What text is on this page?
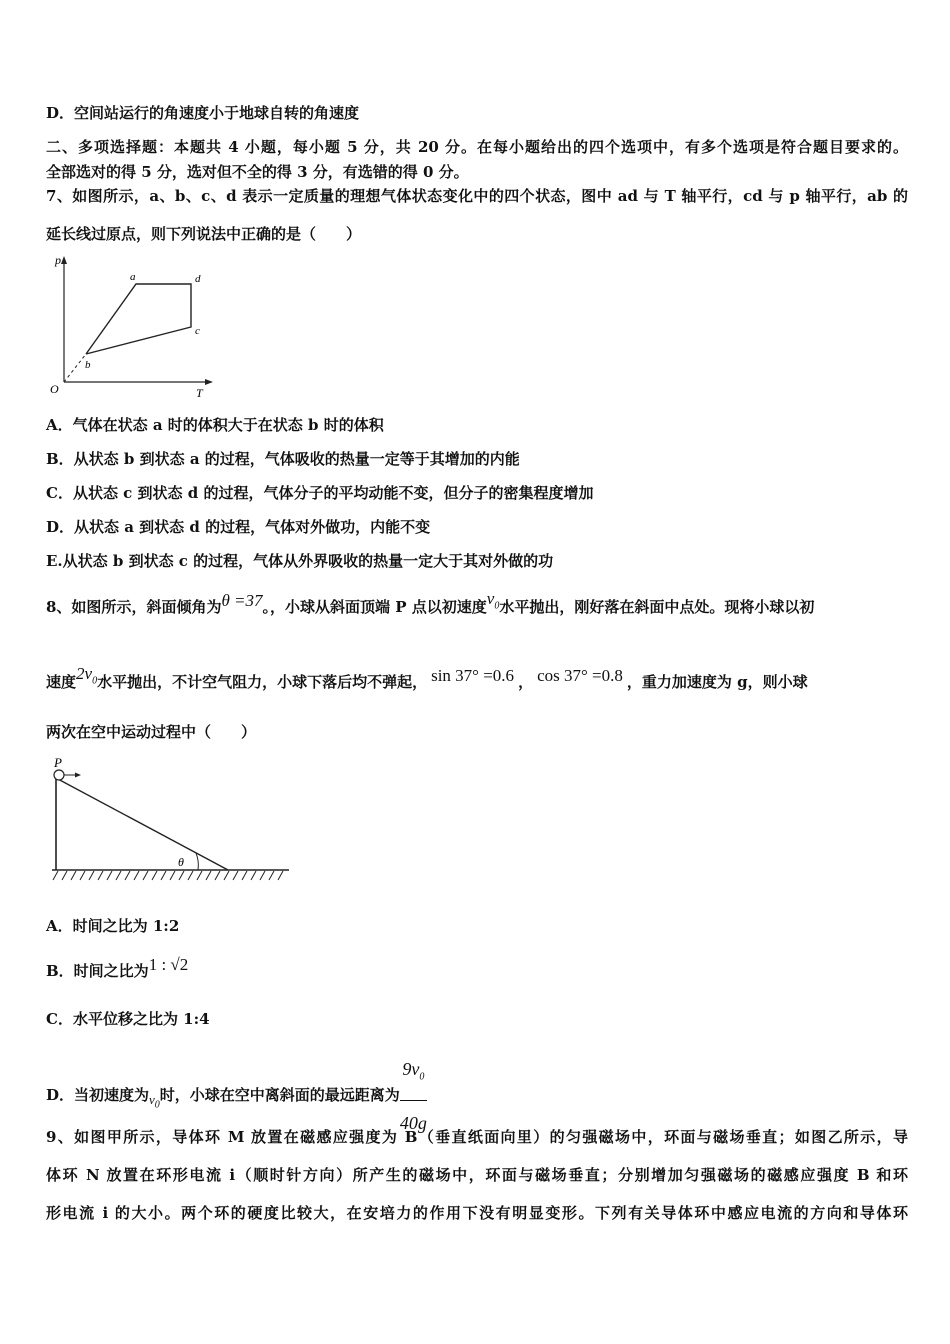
D．空间站运行的角速度小于地球自转的角速度
二、多项选择题：本题共 4 小题，每小题 5 分，共 20 分。在每小题给出的四个选项中，有多个选项是符合题目要求的。
全部选对的得 5 分，选对但不全的得 3 分，有选错的得 0 分。
7、如图所示，a、b、c、d 表示一定质量的理想气体状态变化中的四个状态，图中 ad 与 T 轴平行，cd 与 p 轴平行，ab 的
延长线过原点，则下列说法中正确的是（　　）
p
T
O
a
b
c
d
A．气体在状态 a 时的体积大于在状态 b 时的体积
B．从状态 b 到状态 a 的过程，气体吸收的热量一定等于其增加的内能
C．从状态 c 到状态 d 的过程，气体分子的平均动能不变，但分子的密集程度增加
D．从状态 a 到状态 d 的过程，气体对外做功，内能不变
E.从状态 b 到状态 c 的过程，气体从外界吸收的热量一定大于其对外做的功
8、如图所示，斜面倾角为θ =37。，小球从斜面顶端 P 点以初速度$v_0$水平抛出，刚好落在斜面中点处。现将小球以初
速度$2v_0$水平抛出，不计空气阻力，小球下落后均不弹起， sin 37° =0.6 ， cos 37° =0.8 ，重力加速度为 g，则小球
两次在空中运动过程中（　　）
P
θ
A．时间之比为 1:2
B．时间之比为1 : √2
C．水平位移之比为 1:4
D．当初速度为$v_0$时，小球在空中离斜面的最远距离为 $\frac{9v_0}{40g}$
9、如图甲所示，导体环 M 放置在磁感应强度为 B（垂直纸面向里）的匀强磁场中，环面与磁场垂直；如图乙所示，导
体环 N 放置在环形电流 i（顺时针方向）所产生的磁场中，环面与磁场垂直；分别增加匀强磁场的磁感应强度 B 和环
形电流 i 的大小。两个环的硬度比较大，在安培力的作用下没有明显变形。下列有关导体环中感应电流的方向和导体环
